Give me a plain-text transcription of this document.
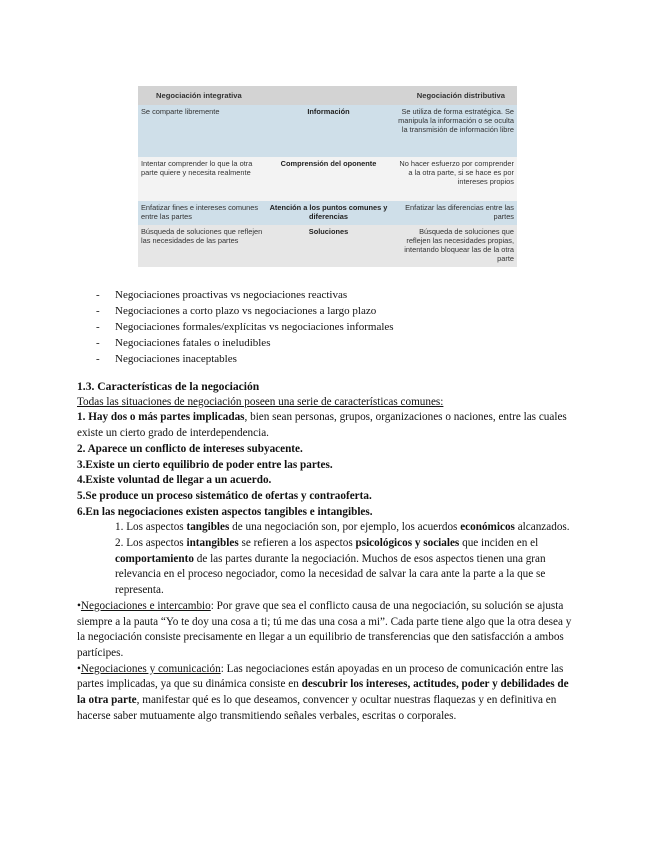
Negociación integrativa		Negociación distributiva
Se comparte libremente	Información	Se utiliza de forma estratégica. Se manipula la información o se oculta la transmisión de información libre
Intentar comprender lo que la otra parte quiere y necesita realmente	Comprensión del oponente	No hacer esfuerzo por comprender a la otra parte, si se hace es por intereses propios
Enfatizar fines e intereses comunes entre las partes	Atención a los puntos comunes y diferencias	Enfatizar las diferencias entre las partes
Búsqueda de soluciones que reflejen las necesidades de las partes	Soluciones	Búsqueda de soluciones que reflejen las necesidades propias, intentando bloquear las de la otra parte
- Negociaciones proactivas vs negociaciones reactivas
- Negociaciones a corto plazo vs negociaciones a largo plazo
- Negociaciones formales/explícitas vs negociaciones informales
- Negociaciones fatales o ineludibles
- Negociaciones inaceptables

1.3. Características de la negociación

Todas las situaciones de negociación poseen una serie de características comunes:

1. Hay dos o más partes implicadas, bien sean personas, grupos, organizaciones o naciones, entre las cuales existe un cierto grado de interdependencia.

2. Aparece un conflicto de intereses subyacente.

3.Existe un cierto equilibrio de poder entre las partes.

4.Existe voluntad de llegar a un acuerdo.

5.Se produce un proceso sistemático de ofertas y contraoferta.

6.En las negociaciones existen aspectos tangibles e intangibles.

1. Los aspectos tangibles de una negociación son, por ejemplo, los acuerdos económicos alcanzados.

2. Los aspectos intangibles se refieren a los aspectos psicológicos y sociales que inciden en el comportamiento de las partes durante la negociación. Muchos de esos aspectos tienen una gran relevancia en el proceso negociador, como la necesidad de salvar la cara ante la parte a la que se representa.

•Negociaciones e intercambio: Por grave que sea el conflicto causa de una negociación, su solución se ajusta siempre a la pauta “Yo te doy una cosa a ti; tú me das una cosa a mi”. Cada parte tiene algo que la otra desea y la negociación consiste precisamente en llegar a un equilibrio de transferencias que den satisfacción a ambos partícipes.

•Negociaciones y comunicación: Las negociaciones están apoyadas en un proceso de comunicación entre las partes implicadas, ya que su dinámica consiste en descubrir los intereses, actitudes, poder y debilidades de la otra parte, manifestar qué es lo que deseamos, convencer y ocultar nuestras flaquezas y en definitiva en hacerse saber mutuamente algo transmitiendo señales verbales, escritas o corporales.
